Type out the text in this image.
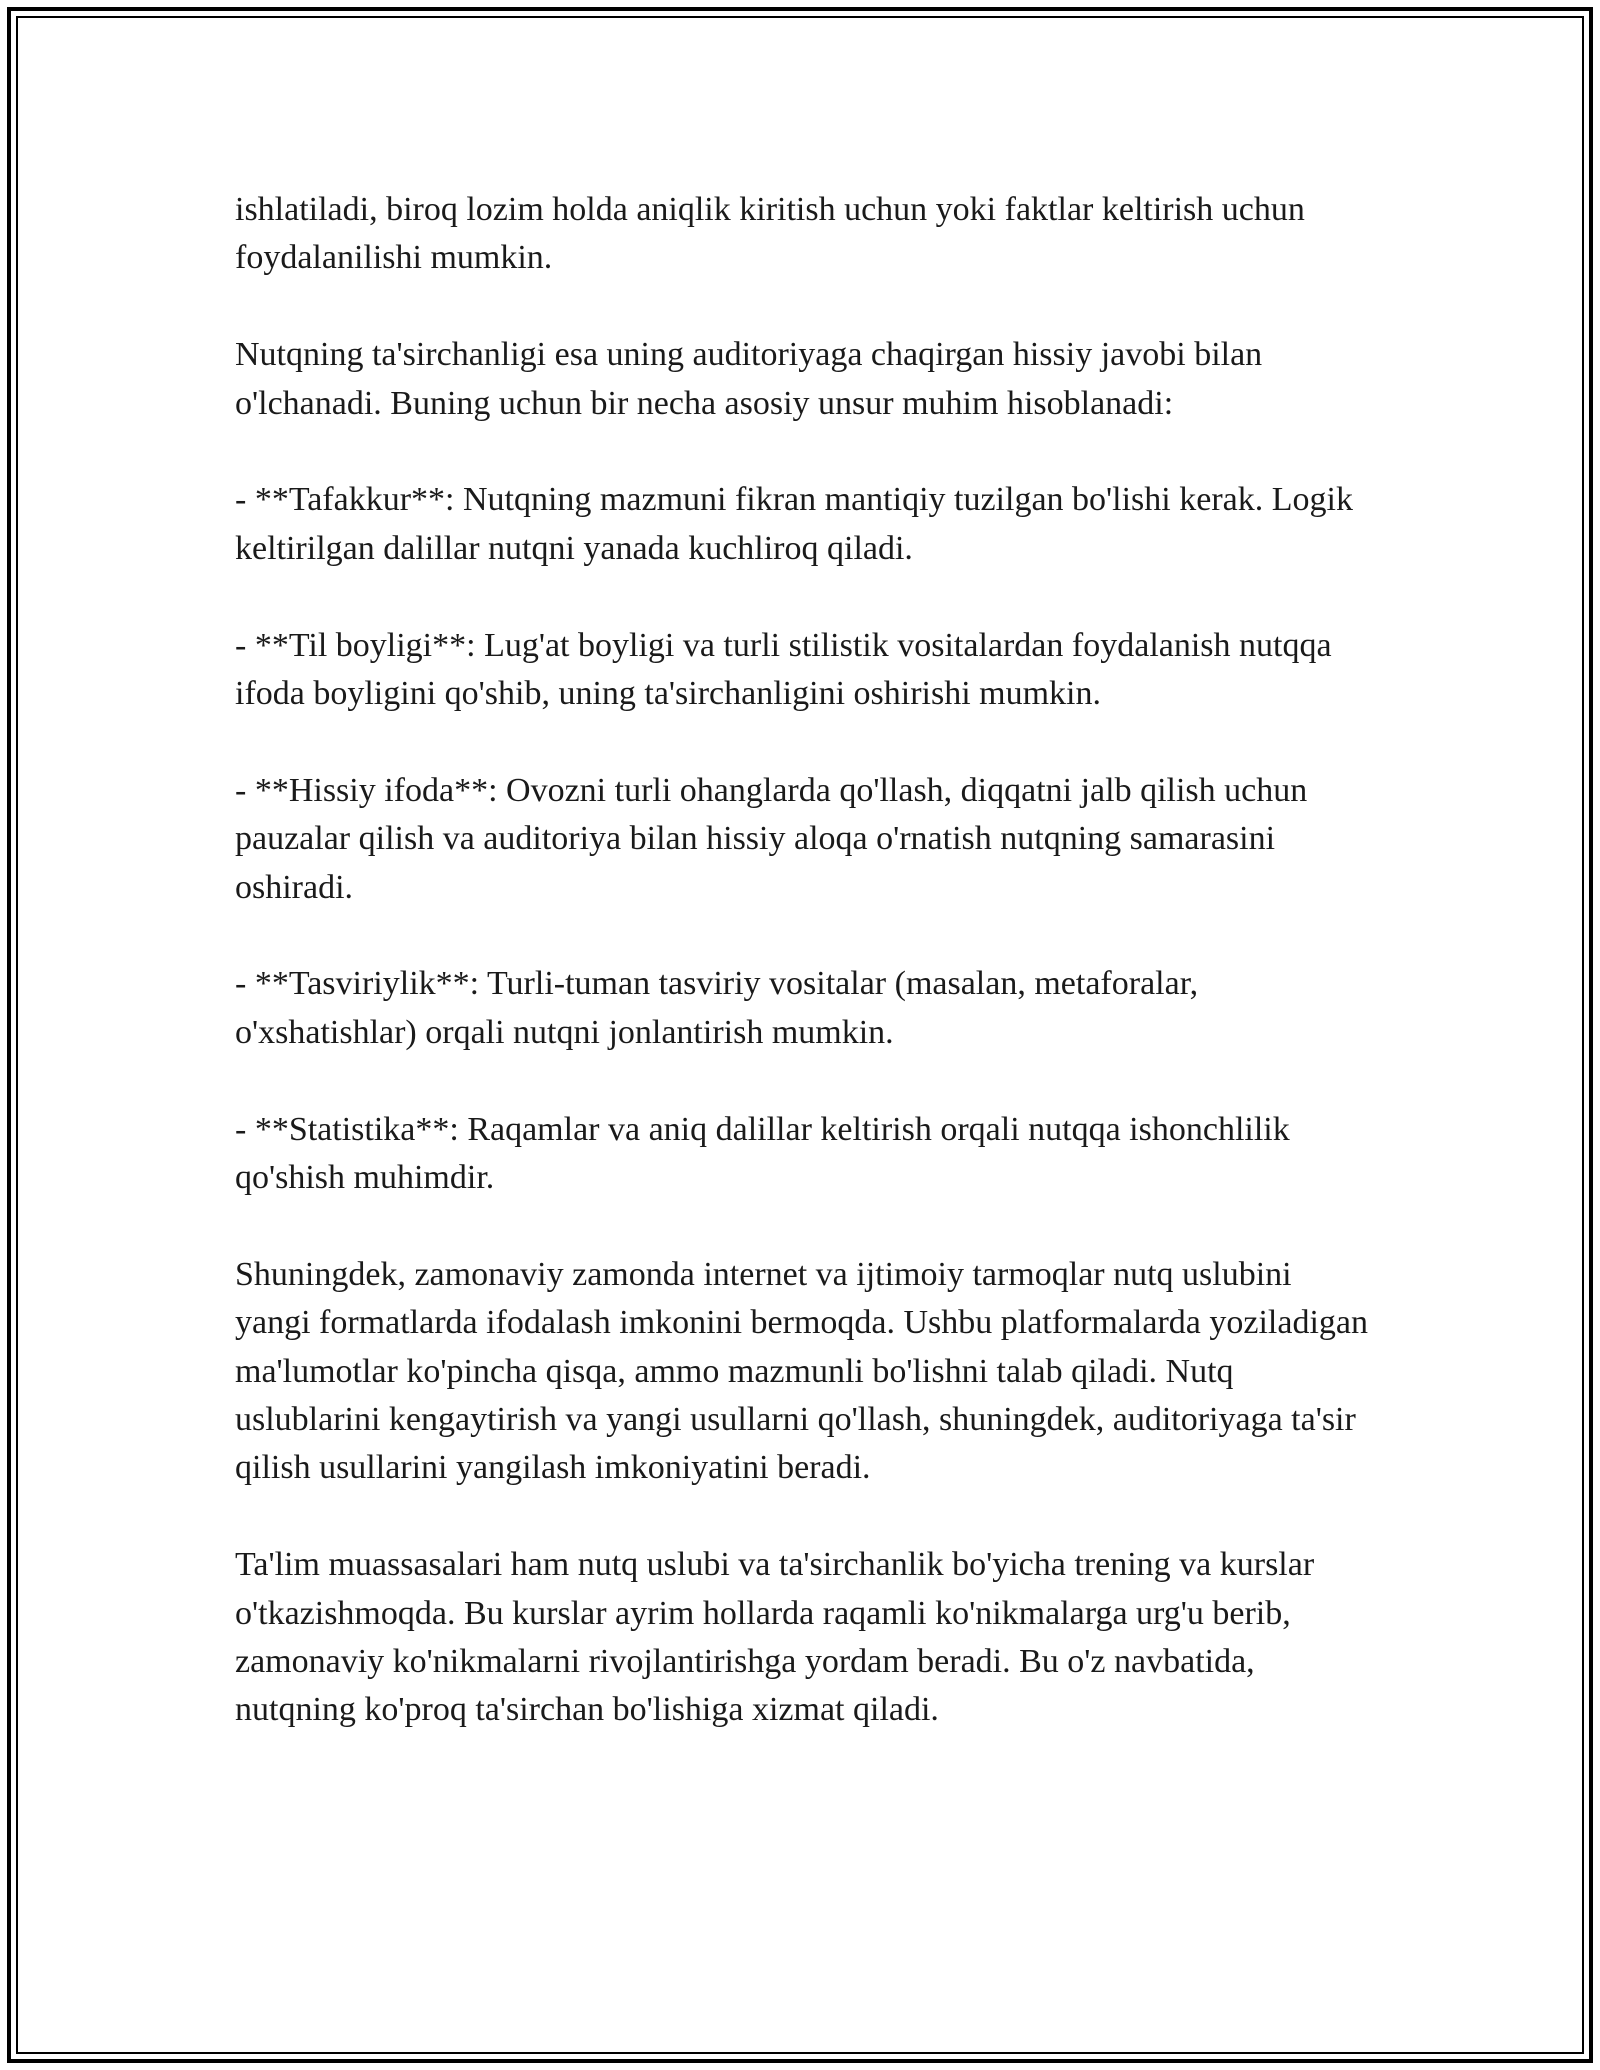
ishlatiladi, biroq lozim holda aniqlik kiritish uchun yoki faktlar keltirish uchun foydalanilishi mumkin.

Nutqning ta'sirchanligi esa uning auditoriyaga chaqirgan hissiy javobi bilan o'lchanadi. Buning uchun bir necha asosiy unsur muhim hisoblanadi:

- **Tafakkur**: Nutqning mazmuni fikran mantiqiy tuzilgan bo'lishi kerak. Logik keltirilgan dalillar nutqni yanada kuchliroq qiladi.

- **Til boyligi**: Lug'at boyligi va turli stilistik vositalardan foydalanish nutqqa ifoda boyligini qo'shib, uning ta'sirchanligini oshirishi mumkin.

- **Hissiy ifoda**: Ovozni turli ohanglarda qo'llash, diqqatni jalb qilish uchun pauzalar qilish va auditoriya bilan hissiy aloqa o'rnatish nutqning samarasini oshiradi.

- **Tasviriylik**: Turli-tuman tasviriy vositalar (masalan, metaforalar, o'xshatishlar) orqali nutqni jonlantirish mumkin.

- **Statistika**: Raqamlar va aniq dalillar keltirish orqali nutqqa ishonchlilik qo'shish muhimdir.

Shuningdek, zamonaviy zamonda internet va ijtimoiy tarmoqlar nutq uslubini yangi formatlarda ifodalash imkonini bermoqda. Ushbu platformalarda yoziladigan ma'lumotlar ko'pincha qisqa, ammo mazmunli bo'lishni talab qiladi. Nutq uslublarini kengaytirish va yangi usullarni qo'llash, shuningdek, auditoriyaga ta'sir qilish usullarini yangilash imkoniyatini beradi.

Ta'lim muassasalari ham nutq uslubi va ta'sirchanlik bo'yicha trening va kurslar o'tkazishmoqda. Bu kurslar ayrim hollarda raqamli ko'nikmalarga urg'u berib, zamonaviy ko'nikmalarni rivojlantirishga yordam beradi. Bu o'z navbatida, nutqning ko'proq ta'sirchan bo'lishiga xizmat qiladi.
